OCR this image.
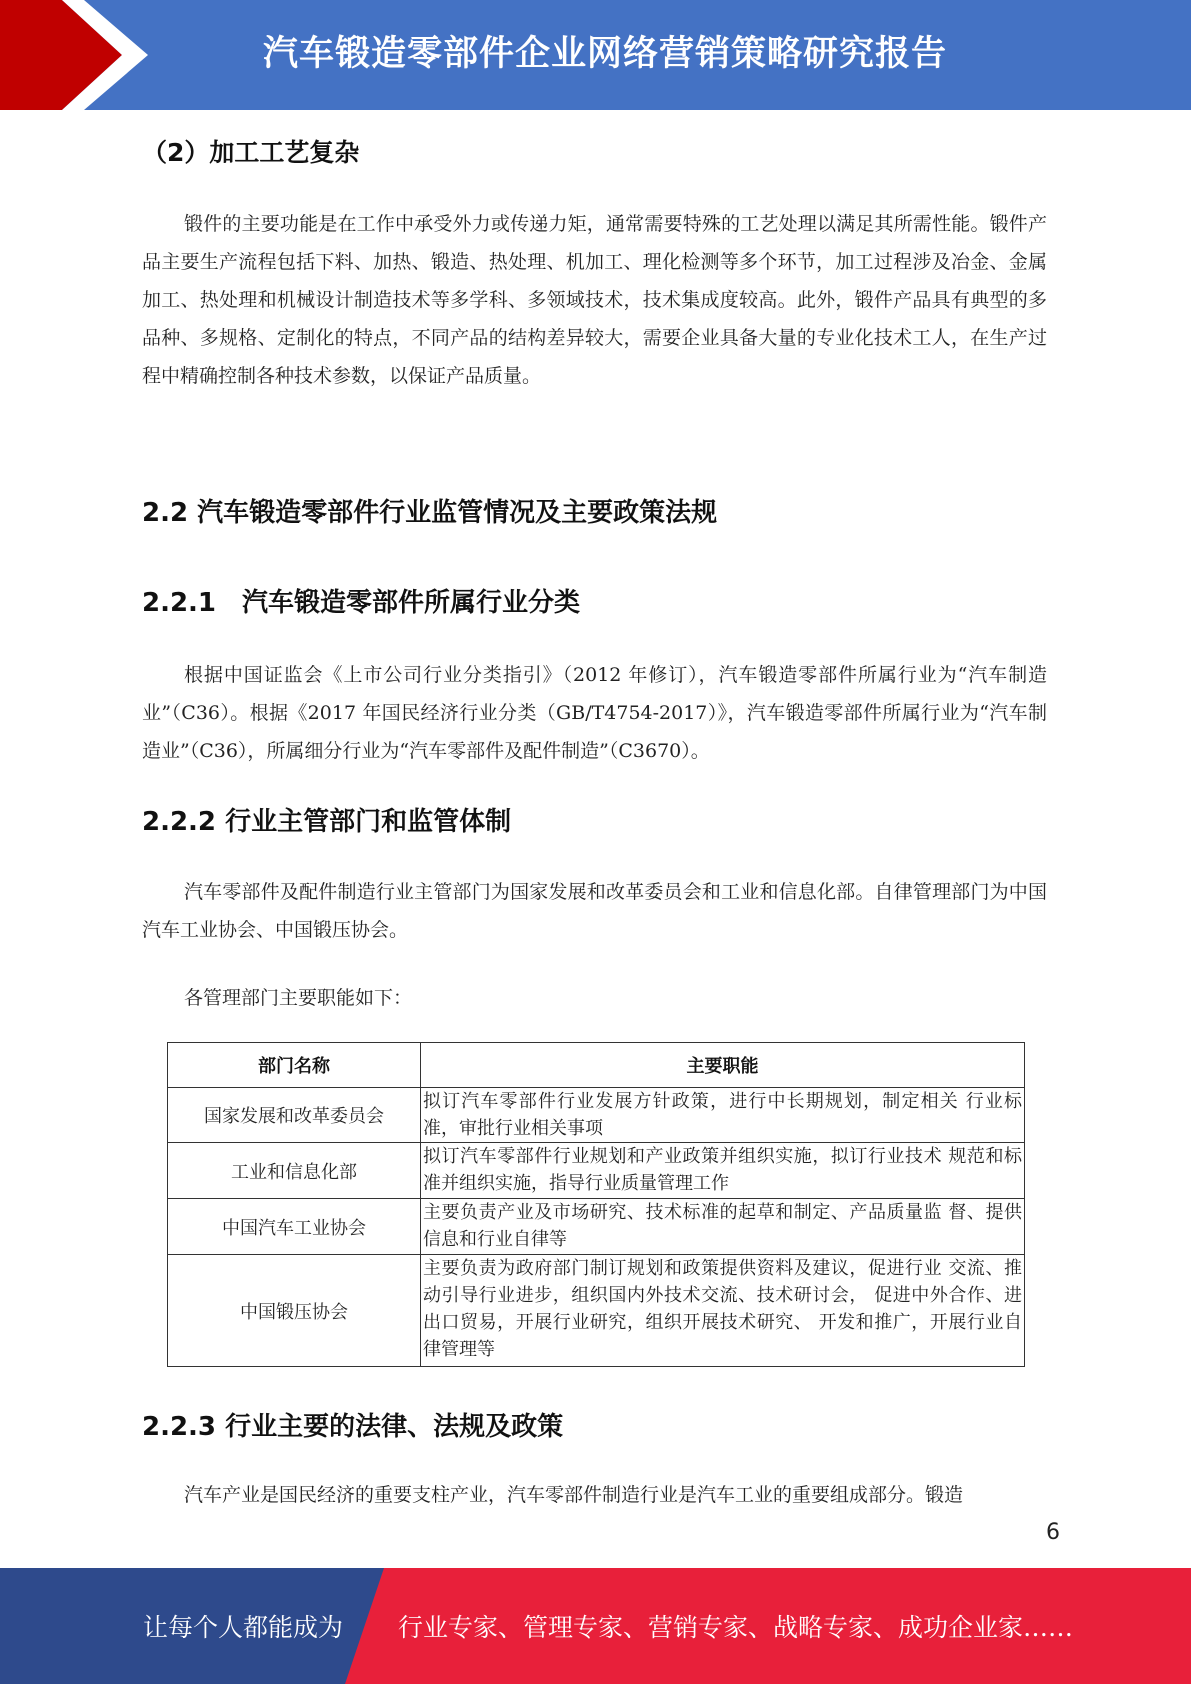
汽车锻造零部件企业网络营销策略研究报告
（2）加工工艺复杂

锻件的主要功能是在工作中承受外力或传递力矩，通常需要特殊的工艺处理以满足其所需性能。锻件产品主要生产流程包括下料、加热、锻造、热处理、机加工、理化检测等多个环节，加工过程涉及冶金、金属加工、热处理和机械设计制造技术等多学科、多领域技术，技术集成度较高。此外，锻件产品具有典型的多品种、多规格、定制化的特点，不同产品的结构差异较大，需要企业具备大量的专业化技术工人，在生产过程中精确控制各种技术参数，以保证产品质量。

2.2 汽车锻造零部件行业监管情况及主要政策法规
2.2.1　汽车锻造零部件所属行业分类

根据中国证监会《上市公司行业分类指引》（2012 年修订），汽车锻造零部件所属行业为“汽车制造业”（C36）。根据《2017 年国民经济行业分类（GB/T4754-2017）》，汽车锻造零部件所属行业为“汽车制造业”（C36），所属细分行业为“汽车零部件及配件制造”（C3670）。

2.2.2 行业主管部门和监管体制

汽车零部件及配件制造行业主管部门为国家发展和改革委员会和工业和信息化部。自律管理部门为中国汽车工业协会、中国锻压协会。

各管理部门主要职能如下：

部门名称	主要职能
国家发展和改革委员会	拟订汽车零部件行业发展方针政策，进行中长期规划，制定相关 行业标准，审批行业相关事项

工业和信息化部	拟订汽车零部件行业规划和产业政策并组织实施，拟订行业技术 规范和标准并组织实施，指导行业质量管理工作

中国汽车工业协会	主要负责产业及市场研究、技术标准的起草和制定、产品质量监 督、提供信息和行业自律等

中国锻压协会	主要负责为政府部门制订规划和政策提供资料及建议，促进行业 交流、推动引导行业进步，组织国内外技术交流、技术研讨会， 促进中外合作、进出口贸易，开展行业研究，组织开展技术研究、 开发和推广，开展行业自律管理等
2.2.3 行业主要的法律、法规及政策

汽车产业是国民经济的重要支柱产业，汽车零部件制造行业是汽车工业的重要组成部分。锻造

6
让每个人都能成为 行业专家、管理专家、营销专家、战略专家、成功企业家……
